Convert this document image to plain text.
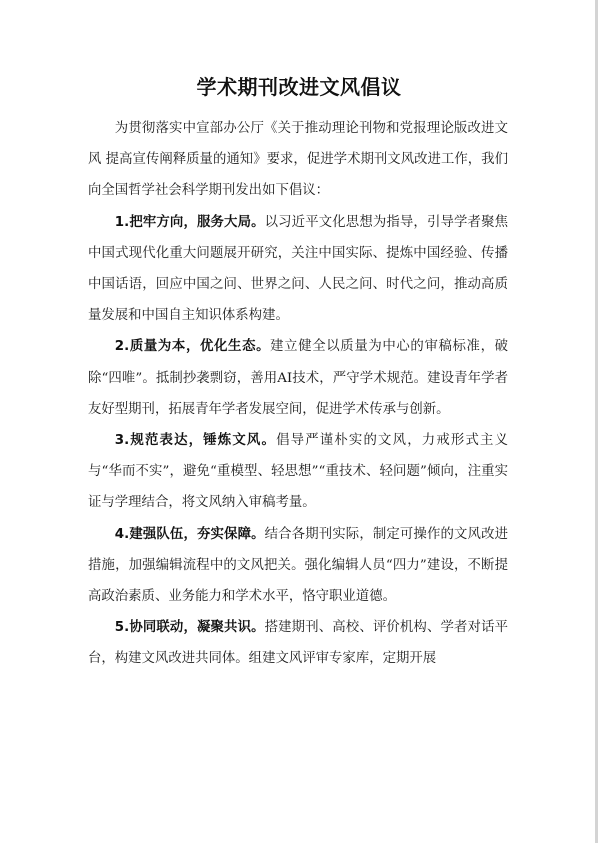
学术期刊改进文风倡议

为贯彻落实中宣部办公厅《关于推动理论刊物和党报理论版改进文风 提高宣传阐释质量的通知》要求，促进学术期刊文风改进工作，我们向全国哲学社会科学期刊发出如下倡议：

1.把牢方向，服务大局。以习近平文化思想为指导，引导学者聚焦中国式现代化重大问题展开研究，关注中国实际、提炼中国经验、传播中国话语，回应中国之问、世界之问、人民之问、时代之问，推动高质量发展和中国自主知识体系构建。

2.质量为本，优化生态。建立健全以质量为中心的审稿标准，破除“四唯”。抵制抄袭剽窃，善用AI技术，严守学术规范。建设青年学者友好型期刊，拓展青年学者发展空间，促进学术传承与创新。

3.规范表达，锤炼文风。倡导严谨朴实的文风，力戒形式主义与“华而不实”，避免“重模型、轻思想”“重技术、轻问题”倾向，注重实证与学理结合，将文风纳入审稿考量。

4.建强队伍，夯实保障。结合各期刊实际，制定可操作的文风改进措施，加强编辑流程中的文风把关。强化编辑人员“四力”建设，不断提高政治素质、业务能力和学术水平，恪守职业道德。

5.协同联动，凝聚共识。搭建期刊、高校、评价机构、学者对话平台，构建文风改进共同体。组建文风评审专家库，定期开展
